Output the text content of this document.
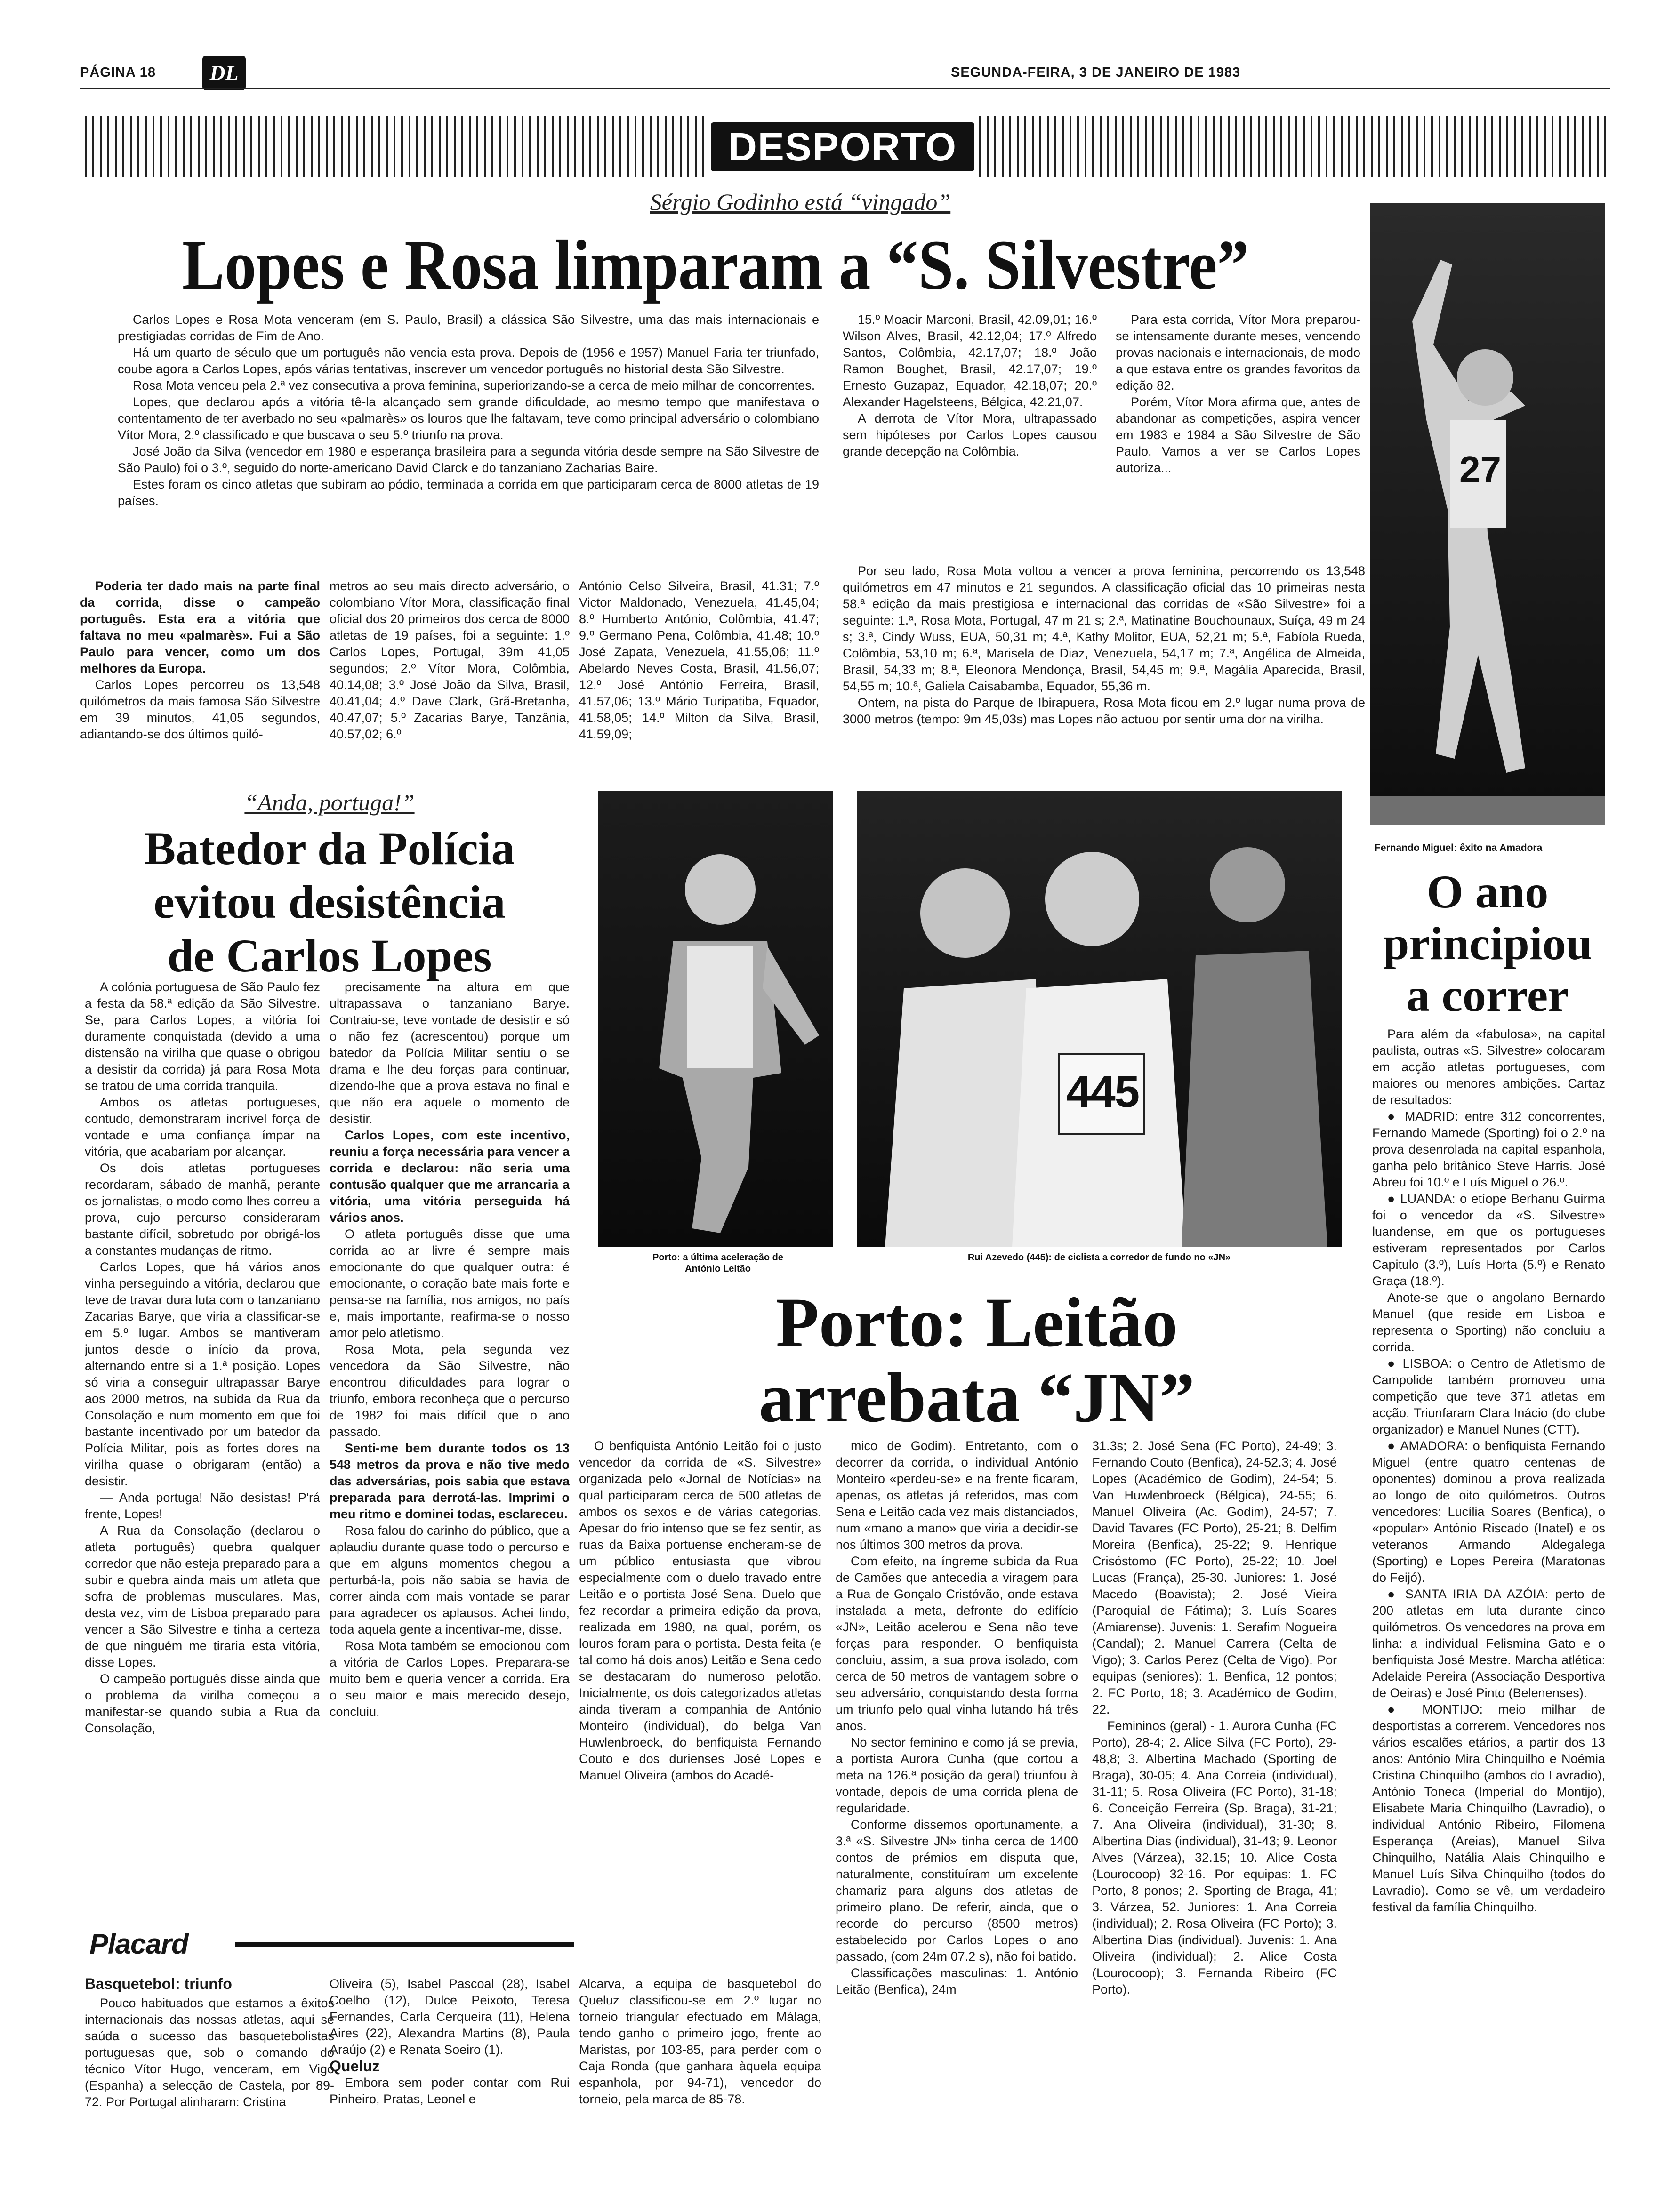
PÁGINA 18	DL	SEGUNDA-FEIRA, 3 DE JANEIRO DE 1983
DESPORTO
Sérgio Godinho está “vingado”
Lopes e Rosa limparam a “S. Silvestre”

Carlos Lopes e Rosa Mota venceram (em S. Paulo, Brasil) a clássica São Silvestre, uma das mais internacionais e prestigiadas corridas de Fim de Ano.

Há um quarto de século que um português não vencia esta prova. Depois de (1956 e 1957) Manuel Faria ter triunfado, coube agora a Carlos Lopes, após várias tentativas, inscrever um vencedor português no historial desta São Silvestre.

Rosa Mota venceu pela 2.ª vez consecutiva a prova feminina, superiorizando-se a cerca de meio milhar de concorrentes.

Lopes, que declarou após a vitória tê-la alcançado sem grande dificuldade, ao mesmo tempo que manifestava o contentamento de ter averbado no seu «palmarès» os louros que lhe faltavam, teve como principal adversário o colombiano Vítor Mora, 2.º classificado e que buscava o seu 5.º triunfo na prova.

José João da Silva (vencedor em 1980 e esperança brasileira para a segunda vitória desde sempre na São Silvestre de São Paulo) foi o 3.º, seguido do norte-americano David Clarck e do tanzaniano Zacharias Baire.

Estes foram os cinco atletas que subiram ao pódio, terminada a corrida em que participaram cerca de 8000 atletas de 19 países.

15.º Moacir Marconi, Brasil, 42.09,01; 16.º Wilson Alves, Brasil, 42.12,04; 17.º Alfredo Santos, Colômbia, 42.17,07; 18.º João Ramon Boughet, Brasil, 42.17,07; 19.º Ernesto Guzapaz, Equador, 42.18,07; 20.º Alexander Hagelsteens, Bélgica, 42.21,07.

A derrota de Vítor Mora, ultrapassado sem hipóteses por Carlos Lopes causou grande decepção na Colômbia.

Para esta corrida, Vítor Mora preparou-se intensamente durante meses, vencendo provas nacionais e internacionais, de modo a que estava entre os grandes favoritos da edição 82.

Porém, Vítor Mora afirma que, antes de abandonar as competições, aspira vencer em 1983 e 1984 a São Silvestre de São Paulo. Vamos a ver se Carlos Lopes autoriza...

Poderia ter dado mais na parte final da corrida, disse o campeão português. Esta era a vitória que faltava no meu «palmarès». Fui a São Paulo para vencer, como um dos melhores da Europa.

Carlos Lopes percorreu os 13,548 quilómetros da mais famosa São Silvestre em 39 minutos, 41,05 segundos, adiantando-se dos últimos quiló-

metros ao seu mais directo adversário, o colombiano Vítor Mora, classificação final oficial dos 20 primeiros dos cerca de 8000 atletas de 19 países, foi a seguinte: 1.º Carlos Lopes, Portugal, 39m 41,05 segundos; 2.º Vítor Mora, Colômbia, 40.14,08; 3.º José João da Silva, Brasil, 40.41,04; 4.º Dave Clark, Grã-Bretanha, 40.47,07; 5.º Zacarias Barye, Tanzânia, 40.57,02; 6.º

António Celso Silveira, Brasil, 41.31; 7.º Victor Maldonado, Venezuela, 41.45,04; 8.º Humberto António, Colômbia, 41.47; 9.º Germano Pena, Colômbia, 41.48; 10.º José Zapata, Venezuela, 41.55,06; 11.º Abelardo Neves Costa, Brasil, 41.56,07; 12.º José António Ferreira, Brasil, 41.57,06; 13.º Mário Turipatiba, Equador, 41.58,05; 14.º Milton da Silva, Brasil, 41.59,09;

Por seu lado, Rosa Mota voltou a vencer a prova feminina, percorrendo os 13,548 quilómetros em 47 minutos e 21 segundos. A classificação oficial das 10 primeiras nesta 58.ª edição da mais prestigiosa e internacional das corridas de «São Silvestre» foi a seguinte: 1.ª, Rosa Mota, Portugal, 47 m 21 s; 2.ª, Matinatine Bouchounaux, Suíça, 49 m 24 s; 3.ª, Cindy Wuss, EUA, 50,31 m; 4.ª, Kathy Molitor, EUA, 52,21 m; 5.ª, Fabíola Rueda, Colômbia, 53,10 m; 6.ª, Marisela de Diaz, Venezuela, 54,17 m; 7.ª, Angélica de Almeida, Brasil, 54,33 m; 8.ª, Eleonora Mendonça, Brasil, 54,45 m; 9.ª, Magália Aparecida, Brasil, 54,55 m; 10.ª, Galiela Caisabamba, Equador, 55,36 m.

Ontem, na pista do Parque de Ibirapuera, Rosa Mota ficou em 2.º lugar numa prova de 3000 metros (tempo: 9m 45,03s) mas Lopes não actuou por sentir uma dor na virilha.

27
Fernando Miguel: êxito na Amadora
O ano
principiou
a correr

Para além da «fabulosa», na capital paulista, outras «S. Silvestre» colocaram em acção atletas portugueses, com maiores ou menores ambições. Cartaz de resultados:

● MADRID: entre 312 concorrentes, Fernando Mamede (Sporting) foi o 2.º na prova desenrolada na capital espanhola, ganha pelo britânico Steve Harris. José Abreu foi 10.º e Luís Miguel o 26.º.

● LUANDA: o etíope Berhanu Guirma foi o vencedor da «S. Silvestre» luandense, em que os portugueses estiveram representados por Carlos Capitulo (3.º), Luís Horta (5.º) e Renato Graça (18.º).

Anote-se que o angolano Bernardo Manuel (que reside em Lisboa e representa o Sporting) não concluiu a corrida.

● LISBOA: o Centro de Atletismo de Campolide também promoveu uma competição que teve 371 atletas em acção. Triunfaram Clara Inácio (do clube organizador) e Manuel Nunes (CTT).

● AMADORA: o benfiquista Fernando Miguel (entre quatro centenas de oponentes) dominou a prova realizada ao longo de oito quilómetros. Outros vencedores: Lucília Soares (Benfica), o «popular» António Riscado (Inatel) e os veteranos Armando Aldegalega (Sporting) e Lopes Pereira (Maratonas do Feijó).

● SANTA IRIA DA AZÓIA: perto de 200 atletas em luta durante cinco quilómetros. Os vencedores na prova em linha: a individual Felismina Gato e o benfiquista José Mestre. Marcha atlética: Adelaide Pereira (Associação Desportiva de Oeiras) e José Pinto (Belenenses).

● MONTIJO: meio milhar de desportistas a correrem. Vencedores nos vários escalões etários, a partir dos 13 anos: António Mira Chinquilho e Noémia Cristina Chinquilho (ambos do Lavradio), António Toneca (Imperial do Montijo), Elisabete Maria Chinquilho (Lavradio), o individual António Ribeiro, Filomena Esperança (Areias), Manuel Silva Chinquilho, Natália Alais Chinquilho e Manuel Luís Silva Chinquilho (todos do Lavradio). Como se vê, um verdadeiro festival da família Chinquilho.

“Anda, portuga!”
Batedor da Polícia
evitou desistência
de Carlos Lopes

A colónia portuguesa de São Paulo fez a festa da 58.ª edição da São Silvestre. Se, para Carlos Lopes, a vitória foi duramente conquistada (devido a uma distensão na virilha que quase o obrigou a desistir da corrida) já para Rosa Mota se tratou de uma corrida tranquila.

Ambos os atletas portugueses, contudo, demonstraram incrível força de vontade e uma confiança ímpar na vitória, que acabariam por alcançar.

Os dois atletas portugueses recordaram, sábado de manhã, perante os jornalistas, o modo como lhes correu a prova, cujo percurso consideraram bastante difícil, sobretudo por obrigá-los a constantes mudanças de ritmo.

Carlos Lopes, que há vários anos vinha perseguindo a vitória, declarou que teve de travar dura luta com o tanzaniano Zacarias Barye, que viria a classificar-se em 5.º lugar. Ambos se mantiveram juntos desde o início da prova, alternando entre si a 1.ª posição. Lopes só viria a conseguir ultrapassar Barye aos 2000 metros, na subida da Rua da Consolação e num momento em que foi bastante incentivado por um batedor da Polícia Militar, pois as fortes dores na virilha quase o obrigaram (então) a desistir.

— Anda portuga! Não desistas! P'rá frente, Lopes!

A Rua da Consolação (declarou o atleta português) quebra qualquer corredor que não esteja preparado para a subir e quebra ainda mais um atleta que sofra de problemas musculares. Mas, desta vez, vim de Lisboa preparado para vencer a São Silvestre e tinha a certeza de que ninguém me tiraria esta vitória, disse Lopes.

O campeão português disse ainda que o problema da virilha começou a manifestar-se quando subia a Rua da Consolação,

precisamente na altura em que ultrapassava o tanzaniano Barye. Contraiu-se, teve vontade de desistir e só o não fez (acrescentou) porque um batedor da Polícia Militar sentiu o se drama e lhe deu forças para continuar, dizendo-lhe que a prova estava no final e que não era aquele o momento de desistir.

Carlos Lopes, com este incentivo, reuniu a força necessária para vencer a corrida e declarou: não seria uma contusão qualquer que me arrancaria a vitória, uma vitória perseguida há vários anos.

O atleta português disse que uma corrida ao ar livre é sempre mais emocionante do que qualquer outra: é emocionante, o coração bate mais forte e pensa-se na família, nos amigos, no país e, mais importante, reafirma-se o nosso amor pelo atletismo.

Rosa Mota, pela segunda vez vencedora da São Silvestre, não encontrou dificuldades para lograr o triunfo, embora reconheça que o percurso de 1982 foi mais difícil que o ano passado.

Senti-me bem durante todos os 13 548 metros da prova e não tive medo das adversárias, pois sabia que estava preparada para derrotá-las. Imprimi o meu ritmo e dominei todas, esclareceu.

Rosa falou do carinho do público, que a aplaudiu durante quase todo o percurso e que em alguns momentos chegou a perturbá-la, pois não sabia se havia de correr ainda com mais vontade se parar para agradecer os aplausos. Achei lindo, toda aquela gente a incentivar-me, disse.

Rosa Mota também se emocionou com a vitória de Carlos Lopes. Preparara-se muito bem e queria vencer a corrida. Era o seu maior e mais merecido desejo, concluiu.

Porto: a última aceleração de
António Leitão
445
Rui Azevedo (445): de ciclista a corredor de fundo no «JN»
Porto: Leitão
arrebata “JN”

O benfiquista António Leitão foi o justo vencedor da corrida de «S. Silvestre» organizada pelo «Jornal de Notícias» na qual participaram cerca de 500 atletas de ambos os sexos e de várias categorias. Apesar do frio intenso que se fez sentir, as ruas da Baixa portuense encheram-se de um público entusiasta que vibrou especialmente com o duelo travado entre Leitão e o portista José Sena. Duelo que fez recordar a primeira edição da prova, realizada em 1980, na qual, porém, os louros foram para o portista. Desta feita (e tal como há dois anos) Leitão e Sena cedo se destacaram do numeroso pelotão. Inicialmente, os dois categorizados atletas ainda tiveram a companhia de António Monteiro (individual), do belga Van Huwlenbroeck, do benfiquista Fernando Couto e dos durienses José Lopes e Manuel Oliveira (ambos do Acadé-

mico de Godim). Entretanto, com o decorrer da corrida, o individual António Monteiro «perdeu-se» e na frente ficaram, apenas, os atletas já referidos, mas com Sena e Leitão cada vez mais distanciados, num «mano a mano» que viria a decidir-se nos últimos 300 metros da prova.

Com efeito, na íngreme subida da Rua de Camões que antecedia a viragem para a Rua de Gonçalo Cristóvão, onde estava instalada a meta, defronte do edifício «JN», Leitão acelerou e Sena não teve forças para responder. O benfiquista concluiu, assim, a sua prova isolado, com cerca de 50 metros de vantagem sobre o seu adversário, conquistando desta forma um triunfo pelo qual vinha lutando há três anos.

No sector feminino e como já se previa, a portista Aurora Cunha (que cortou a meta na 126.ª posição da geral) triunfou à vontade, depois de uma corrida plena de regularidade.

Conforme dissemos oportunamente, a 3.ª «S. Silvestre JN» tinha cerca de 1400 contos de prémios em disputa que, naturalmente, constituíram um excelente chamariz para alguns dos atletas de primeiro plano. De referir, ainda, que o recorde do percurso (8500 metros) estabelecido por Carlos Lopes o ano passado, (com 24m 07.2 s), não foi batido.

Classificações masculinas: 1. António Leitão (Benfica), 24m

31.3s; 2. José Sena (FC Porto), 24-49; 3. Fernando Couto (Benfica), 24-52.3; 4. José Lopes (Académico de Godim), 24-54; 5. Van Huwlenbroeck (Bélgica), 24-55; 6. Manuel Oliveira (Ac. Godim), 24-57; 7. David Tavares (FC Porto), 25-21; 8. Delfim Moreira (Benfica), 25-22; 9. Henrique Crisóstomo (FC Porto), 25-22; 10. Joel Lucas (França), 25-30. Juniores: 1. José Macedo (Boavista); 2. José Vieira (Paroquial de Fátima); 3. Luís Soares (Amiarense). Juvenis: 1. Serafim Nogueira (Candal); 2. Manuel Carrera (Celta de Vigo); 3. Carlos Perez (Celta de Vigo). Por equipas (seniores): 1. Benfica, 12 pontos; 2. FC Porto, 18; 3. Académico de Godim, 22.

Femininos (geral) - 1. Aurora Cunha (FC Porto), 28-4; 2. Alice Silva (FC Porto), 29-48,8; 3. Albertina Machado (Sporting de Braga), 30-05; 4. Ana Correia (individual), 31-11; 5. Rosa Oliveira (FC Porto), 31-18; 6. Conceição Ferreira (Sp. Braga), 31-21; 7. Ana Oliveira (individual), 31-30; 8. Albertina Dias (individual), 31-43; 9. Leonor Alves (Várzea), 32.15; 10. Alice Costa (Lourocoop) 32-16. Por equipas: 1. FC Porto, 8 ponos; 2. Sporting de Braga, 41; 3. Várzea, 52. Juniores: 1. Ana Correia (individual); 2. Rosa Oliveira (FC Porto); 3. Albertina Dias (individual). Juvenis: 1. Ana Oliveira (individual); 2. Alice Costa (Lourocoop); 3. Fernanda Ribeiro (FC Porto).

Placard
Basquetebol: triunfo

Pouco habituados que estamos a êxitos internacionais das nossas atletas, aqui se saúda o sucesso das basquetebolistas portuguesas que, sob o comando do técnico Vítor Hugo, venceram, em Vigo (Espanha) a selecção de Castela, por 89-72. Por Portugal alinharam: Cristina

Oliveira (5), Isabel Pascoal (28), Isabel Coelho (12), Dulce Peixoto, Teresa Fernandes, Carla Cerqueira (11), Helena Aires (22), Alexandra Martins (8), Paula Araújo (2) e Renata Soeiro (1).

Queluz

Embora sem poder contar com Rui Pinheiro, Pratas, Leonel e

Alcarva, a equipa de basquetebol do Queluz classificou-se em 2.º lugar no torneio triangular efectuado em Málaga, tendo ganho o primeiro jogo, frente ao Maristas, por 103-85, para perder com o Caja Ronda (que ganhara àquela equipa espanhola, por 94-71), vencedor do torneio, pela marca de 85-78.
